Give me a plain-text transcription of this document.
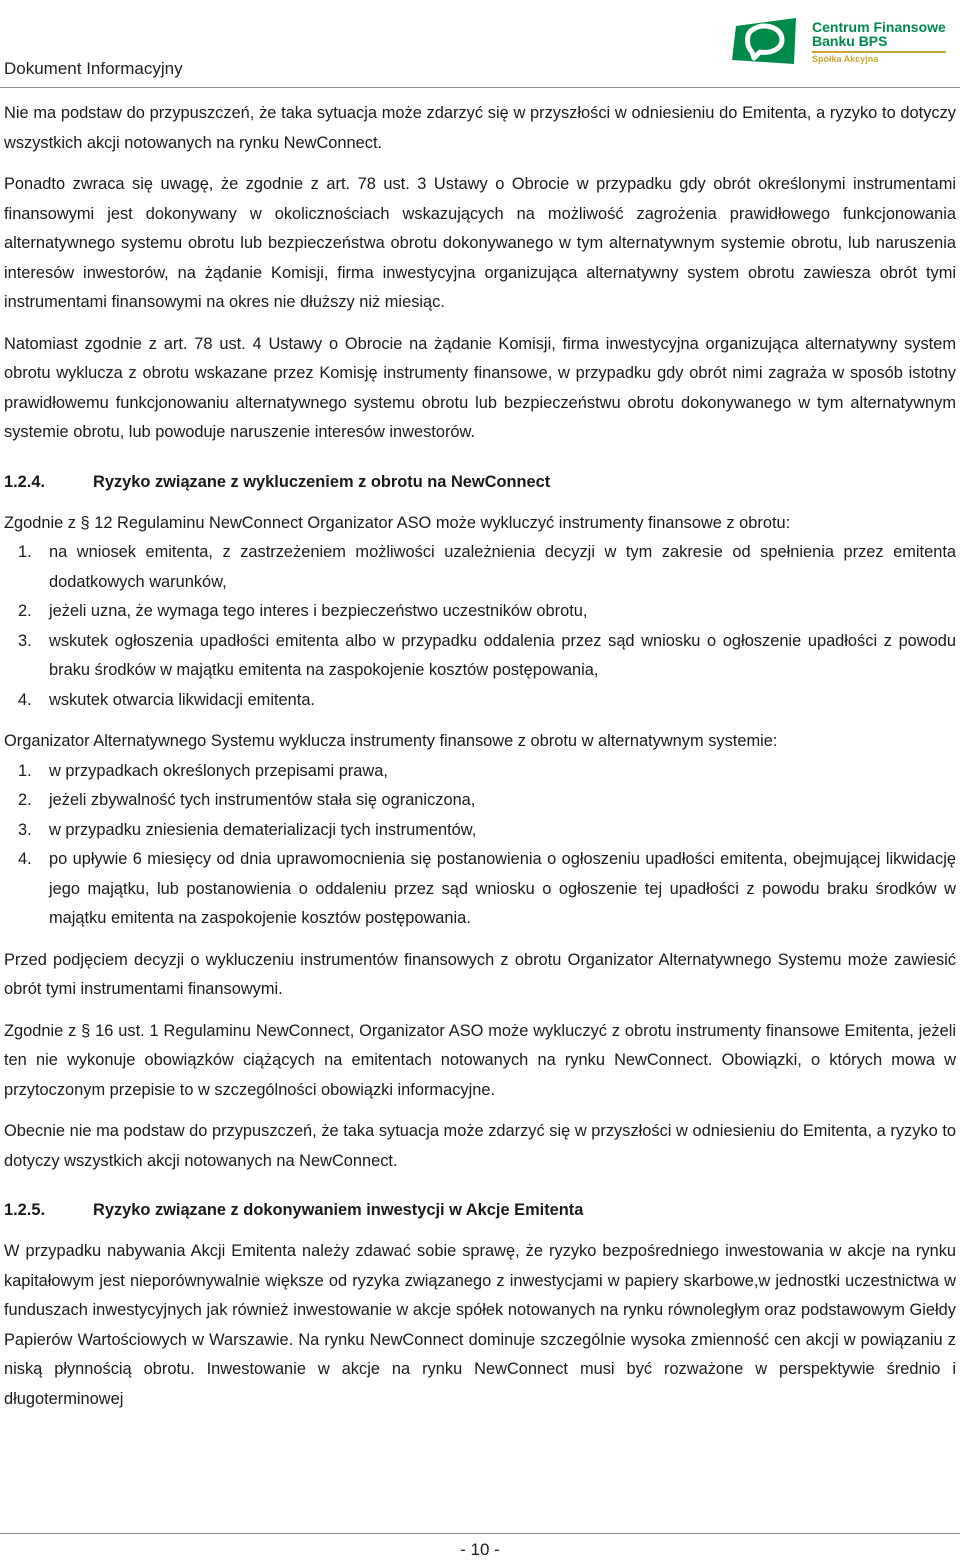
Dokument Informacyjny
Centrum Finansowe
Banku BPS
Spółka Akcyjna

Nie ma podstaw do przypuszczeń, że taka sytuacja może zdarzyć się w przyszłości w odniesieniu do Emitenta, a ryzyko to dotyczy wszystkich akcji notowanych na rynku NewConnect.

Ponadto zwraca się uwagę, że zgodnie z art. 78 ust. 3 Ustawy o Obrocie w przypadku gdy obrót określonymi instrumentami finansowymi jest dokonywany w okolicznościach wskazujących na możliwość zagrożenia prawidłowego funkcjonowania alternatywnego systemu obrotu lub bezpieczeństwa obrotu dokonywanego w tym alternatywnym systemie obrotu, lub naruszenia interesów inwestorów, na żądanie Komisji, firma inwestycyjna organizująca alternatywny system obrotu zawiesza obrót tymi instrumentami finansowymi na okres nie dłuższy niż miesiąc.

Natomiast zgodnie z art. 78 ust. 4 Ustawy o Obrocie na żądanie Komisji, firma inwestycyjna organizująca alternatywny system obrotu wyklucza z obrotu wskazane przez Komisję instrumenty finansowe, w przypadku gdy obrót nimi zagraża w sposób istotny prawidłowemu funkcjonowaniu alternatywnego systemu obrotu lub bezpieczeństwu obrotu dokonywanego w tym alternatywnym systemie obrotu, lub powoduje naruszenie interesów inwestorów.

1.2.4.	Ryzyko związane z wykluczeniem z obrotu na NewConnect

Zgodnie z § 12 Regulaminu NewConnect Organizator ASO może wykluczyć instrumenty finansowe z obrotu:

1. na wniosek emitenta, z zastrzeżeniem możliwości uzależnienia decyzji w tym zakresie od spełnienia przez emitenta dodatkowych warunków,
2. jeżeli uzna, że wymaga tego interes i bezpieczeństwo uczestników obrotu,
3. wskutek ogłoszenia upadłości emitenta albo w przypadku oddalenia przez sąd wniosku o ogłoszenie upadłości z powodu braku środków w majątku emitenta na zaspokojenie kosztów postępowania,
4. wskutek otwarcia likwidacji emitenta.

Organizator Alternatywnego Systemu wyklucza instrumenty finansowe z obrotu w alternatywnym systemie:

1. w przypadkach określonych przepisami prawa,
2. jeżeli zbywalność tych instrumentów stała się ograniczona,
3. w przypadku zniesienia dematerializacji tych instrumentów,
4. po upływie 6 miesięcy od dnia uprawomocnienia się postanowienia o ogłoszeniu upadłości emitenta, obejmującej likwidację jego majątku, lub postanowienia o oddaleniu przez sąd wniosku o ogłoszenie tej upadłości z powodu braku środków w majątku emitenta na zaspokojenie kosztów postępowania.

Przed podjęciem decyzji o wykluczeniu instrumentów finansowych z obrotu Organizator Alternatywnego Systemu może zawiesić obrót tymi instrumentami finansowymi.

Zgodnie z § 16 ust. 1 Regulaminu NewConnect, Organizator ASO może wykluczyć z obrotu instrumenty finansowe Emitenta, jeżeli ten nie wykonuje obowiązków ciążących na emitentach notowanych na rynku NewConnect. Obowiązki, o których mowa w przytoczonym przepisie to w szczególności obowiązki informacyjne.

Obecnie nie ma podstaw do przypuszczeń, że taka sytuacja może zdarzyć się w przyszłości w odniesieniu do Emitenta, a ryzyko to dotyczy wszystkich akcji notowanych na NewConnect.

1.2.5.	Ryzyko związane z dokonywaniem inwestycji w Akcje Emitenta

W przypadku nabywania Akcji Emitenta należy zdawać sobie sprawę, że ryzyko bezpośredniego inwestowania w akcje na rynku kapitałowym jest nieporównywalnie większe od ryzyka związanego z inwestycjami w papiery skarbowe,w jednostki uczestnictwa w funduszach inwestycyjnych jak również inwestowanie w akcje spółek notowanych na rynku równoległym oraz podstawowym Giełdy Papierów Wartościowych w Warszawie. Na rynku NewConnect dominuje szczególnie wysoka zmienność cen akcji w powiązaniu z niską płynnością obrotu. Inwestowanie w akcje na rynku NewConnect musi być rozważone w perspektywie średnio i długoterminowej

- 10 -
